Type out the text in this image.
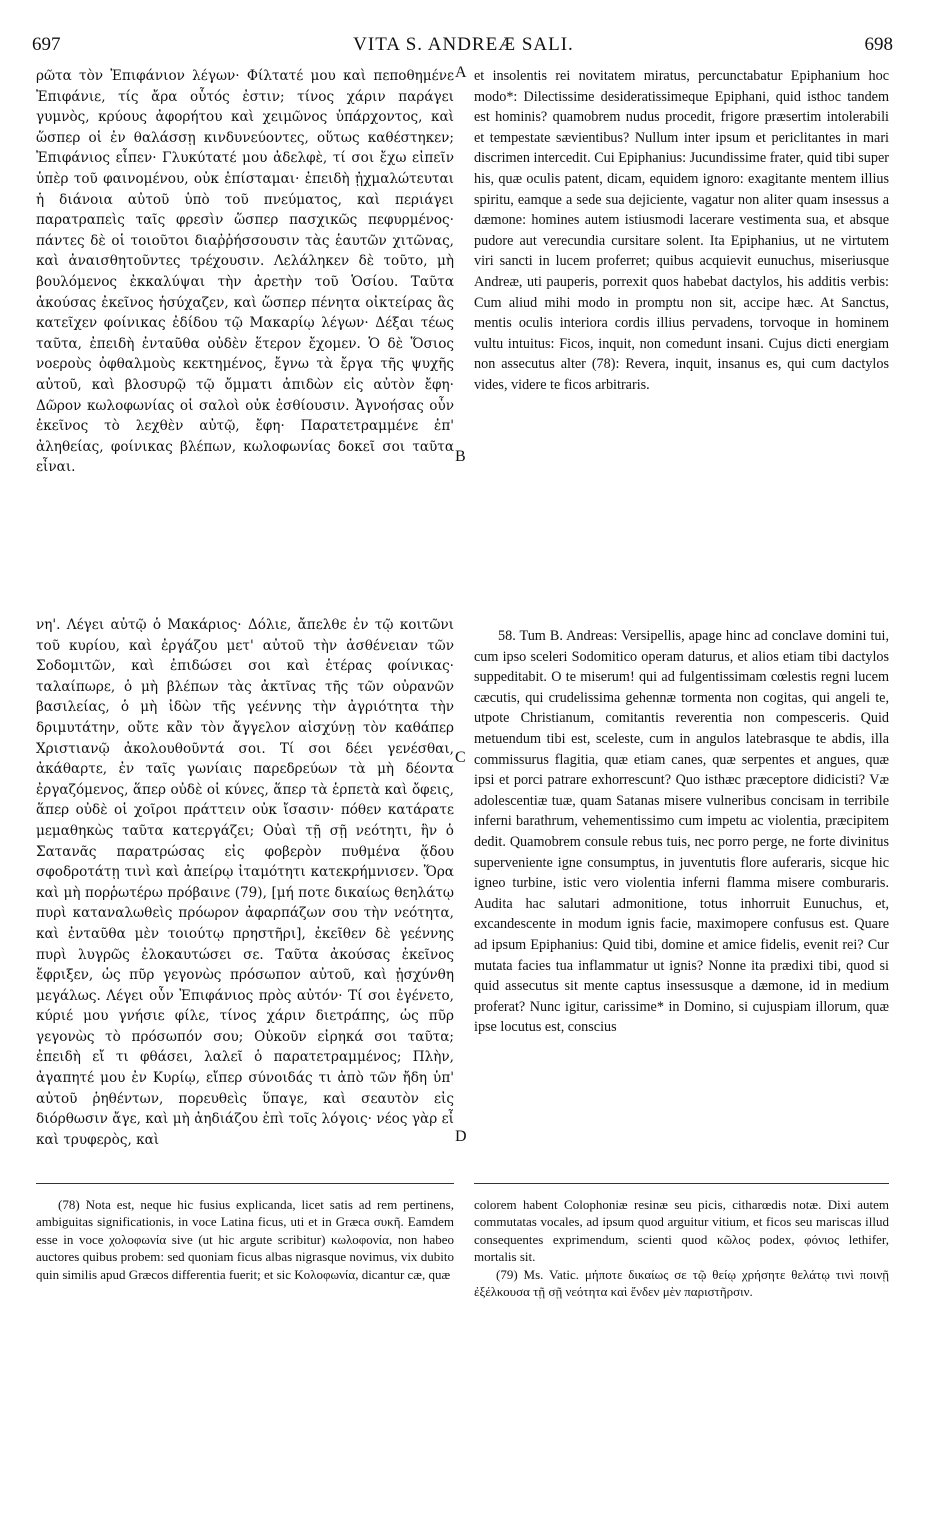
697	VITA S. ANDREÆ SALI.	698
A
B
C
D

ρῶτα τὸν Ἐπιφάνιον λέγων· Φίλτατέ μου καὶ πεποθημένε Ἐπιφάνιε, τίς ἄρα οὗτός ἐστιν; τίνος χάριν παράγει γυμνὸς, κρύους ἀφορήτου καὶ χειμῶνος ὑπάρχοντος, καὶ ὥσπερ οἱ ἐν θαλάσσῃ κινδυνεύοντες, οὕτως καθέστηκεν; Ἐπιφάνιος εἶπεν· Γλυκύτατέ μου ἀδελφὲ, τί σοι ἔχω εἰπεῖν ὑπὲρ τοῦ φαινομένου, οὐκ ἐπίσταμαι· ἐπειδὴ ᾐχμαλώτευται ἡ διάνοια αὐτοῦ ὑπὸ τοῦ πνεύματος, καὶ περιάγει παρατραπεὶς ταῖς φρεσὶν ὥσπερ πασχικῶς πεφυρμένος· πάντες δὲ οἱ τοιοῦτοι διαῤῥήσσουσιν τὰς ἑαυτῶν χιτῶνας, καὶ ἀναισθητοῦντες τρέχουσιν. Λελάληκεν δὲ τοῦτο, μὴ βουλόμενος ἐκκαλύψαι τὴν ἀρετὴν τοῦ Ὁσίου. Ταῦτα ἀκούσας ἐκεῖνος ἡσύχαζεν, καὶ ὥσπερ πένητα οἰκτείρας ἃς κατεῖχεν φοίνικας ἐδίδου τῷ Μακαρίῳ λέγων· Δέξαι τέως ταῦτα, ἐπειδὴ ἐνταῦθα οὐδὲν ἕτερον ἔχομεν. Ὁ δὲ Ὅσιος νοεροὺς ὀφθαλμοὺς κεκτημένος, ἔγνω τὰ ἔργα τῆς ψυχῆς αὐτοῦ, καὶ βλοσυρῷ τῷ ὄμματι ἀπιδὼν εἰς αὐτὸν ἔφη· Δῶρον κωλοφωνίας οἱ σαλοὶ οὐκ ἐσθίουσιν. Ἀγνοήσας οὖν ἐκεῖνος τὸ λεχθὲν αὐτῷ, ἔφη· Παρατετραμμένε ἐπ' ἀληθείας, φοίνικας βλέπων, κωλοφωνίας δοκεῖ σοι ταῦτα εἶναι.

νη'. Λέγει αὐτῷ ὁ Μακάριος· Δόλιε, ἄπελθε ἐν τῷ κοιτῶνι τοῦ κυρίου, καὶ ἐργάζου μετ' αὐτοῦ τὴν ἀσθένειαν τῶν Σοδομιτῶν, καὶ ἐπιδώσει σοι καὶ ἑτέρας φοίνικας· ταλαίπωρε, ὁ μὴ βλέπων τὰς ἀκτῖνας τῆς τῶν οὐρανῶν βασιλείας, ὁ μὴ ἰδὼν τῆς γεέννης τὴν ἀγριότητα τὴν δριμυτάτην, οὔτε κἂν τὸν ἄγγελον αἰσχύνῃ τὸν καθάπερ Χριστιανῷ ἀκολουθοῦντά σοι. Τί σοι δέει γενέσθαι, ἀκάθαρτε, ἐν ταῖς γωνίαις παρεδρεύων τὰ μὴ δέοντα ἐργαζόμενος, ἅπερ οὐδὲ οἱ κύνες, ἅπερ τὰ ἑρπετὰ καὶ ὄφεις, ἅπερ οὐδὲ οἱ χοῖροι πράττειν οὐκ ἴσασιν· πόθεν κατάρατε μεμαθηκὼς ταῦτα κατεργάζει; Οὐαὶ τῇ σῇ νεότητι, ἣν ὁ Σατανᾶς παρατρώσας εἰς φοβερὸν πυθμένα ᾅδου σφοδροτάτῃ τινὶ καὶ ἀπείρῳ ἰταμότητι κατεκρήμνισεν. Ὅρα καὶ μὴ πορῥωτέρω πρόβαινε (79), [μή ποτε δικαίως θεηλάτῳ πυρὶ καταναλωθεὶς πρόωρον ἀφαρπάζων σου τὴν νεότητα, καὶ ἐνταῦθα μὲν τοιούτῳ πρηστῆρι], ἐκεῖθεν δὲ γεέννης πυρὶ λυγρῶς ἐλοκαυτώσει σε. Ταῦτα ἀκούσας ἐκεῖνος ἔφριξεν, ὡς πῦρ γεγονὼς πρόσωπον αὐτοῦ, καὶ ᾐσχύνθη μεγάλως. Λέγει οὖν Ἐπιφάνιος πρὸς αὐτόν· Τί σοι ἐγένετο, κύριέ μου γνήσιε φίλε, τίνος χάριν διετράπης, ὡς πῦρ γεγονὼς τὸ πρόσωπόν σου; Οὐκοῦν εἰρηκά σοι ταῦτα; ἐπειδὴ εἴ τι φθάσει, λαλεῖ ὁ παρατετραμμένος; Πλὴν, ἀγαπητέ μου ἐν Κυρίῳ, εἴπερ σύνοιδάς τι ἀπὸ τῶν ἤδη ὑπ' αὐτοῦ ῥηθέντων, πορευθεὶς ὕπαγε, καὶ σεαυτὸν εἰς διόρθωσιν ἄγε, καὶ μὴ ἀηδιάζου ἐπὶ τοῖς λόγοις· νέος γὰρ εἶ καὶ τρυφερὸς, καὶ

et insolentis rei novitatem miratus, percunctabatur Epiphanium hoc modo*: Dilectissime desideratissimeque Epiphani, quid isthoc tandem est hominis? quamobrem nudus procedit, frigore præsertim intolerabili et tempestate sævientibus? Nullum inter ipsum et periclitantes in mari discrimen intercedit. Cui Epiphanius: Jucundissime frater, quid tibi super his, quæ oculis patent, dicam, equidem ignoro: exagitante mentem illius spiritu, eamque a sede sua dejiciente, vagatur non aliter quam insessus a dæmone: homines autem istiusmodi lacerare vestimenta sua, et absque pudore aut verecundia cursitare solent. Ita Epiphanius, ut ne virtutem viri sancti in lucem proferret; quibus acquievit eunuchus, miseriusque Andreæ, uti pauperis, porrexit quos habebat dactylos, his additis verbis: Cum aliud mihi modo in promptu non sit, accipe hæc. At Sanctus, mentis oculis interiora cordis illius pervadens, torvoque in hominem vultu intuitus: Ficos, inquit, non comedunt insani. Cujus dicti energiam non assecutus alter (78): Revera, inquit, insanus es, qui cum dactylos vides, videre te ficos arbitraris.

58. Tum B. Andreas: Versipellis, apage hinc ad conclave domini tui, cum ipso sceleri Sodomitico operam daturus, et alios etiam tibi dactylos suppeditabit. O te miserum! qui ad fulgentissimam cœlestis regni lucem cæcutis, qui crudelissima gehennæ tormenta non cogitas, qui angeli te, utpote Christianum, comitantis reverentia non compesceris. Quid metuendum tibi est, sceleste, cum in angulos latebrasque te abdis, illa commissurus flagitia, quæ etiam canes, quæ serpentes et angues, quæ ipsi et porci patrare exhorrescunt? Quo isthæc præceptore didicisti? Væ adolescentiæ tuæ, quam Satanas misere vulneribus concisam in terribile inferni barathrum, vehementissimo cum impetu ac violentia, præcipitem dedit. Quamobrem consule rebus tuis, nec porro perge, ne forte divinitus superveniente igne consumptus, in juventutis flore auferaris, sicque hic igneo turbine, istic vero violentia inferni flamma misere comburaris. Audita hac salutari admonitione, totus inhorruit Eunuchus, et, excandescente in modum ignis facie, maximopere confusus est. Quare ad ipsum Epiphanius: Quid tibi, domine et amice fidelis, evenit rei? Cur mutata facies tua inflammatur ut ignis? Nonne ita prædixi tibi, quod si quid assecutus sit mente captus insessusque a dæmone, id in medium proferat? Nunc igitur, carissime* in Domino, si cujuspiam illorum, quæ ipse locutus est, conscius

(78) Nota est, neque hic fusius explicanda, licet satis ad rem pertinens, ambiguitas significationis, in voce Latina ficus, uti et in Græca συκῆ. Eamdem esse in voce χολοφωνία sive (ut hic argute scribitur) κωλοφονία, non habeo auctores quibus probem: sed quoniam ficus albas nigrasque novimus, vix dubito quin similis apud Græcos differentia fuerit; et sic Κολοφωνία, dicantur cæ, quæ

colorem habent Colophoniæ resinæ seu picis, citharœdis notæ. Dixi autem commutatas vocales, ad ipsum quod arguitur vitium, et ficos seu mariscas illud consequentes exprimendum, scienti quod κῶλος podex, φόνιος lethifer, mortalis sit.

(79) Ms. Vatic. μήποτε δικαίως σε τῷ θείῳ χρήσητε θελάτῳ τινὶ ποινῇ ἐξέλκουσα τῇ σῇ νεότητα καὶ ἔνδεν μὲν παριστῆρσιν.
